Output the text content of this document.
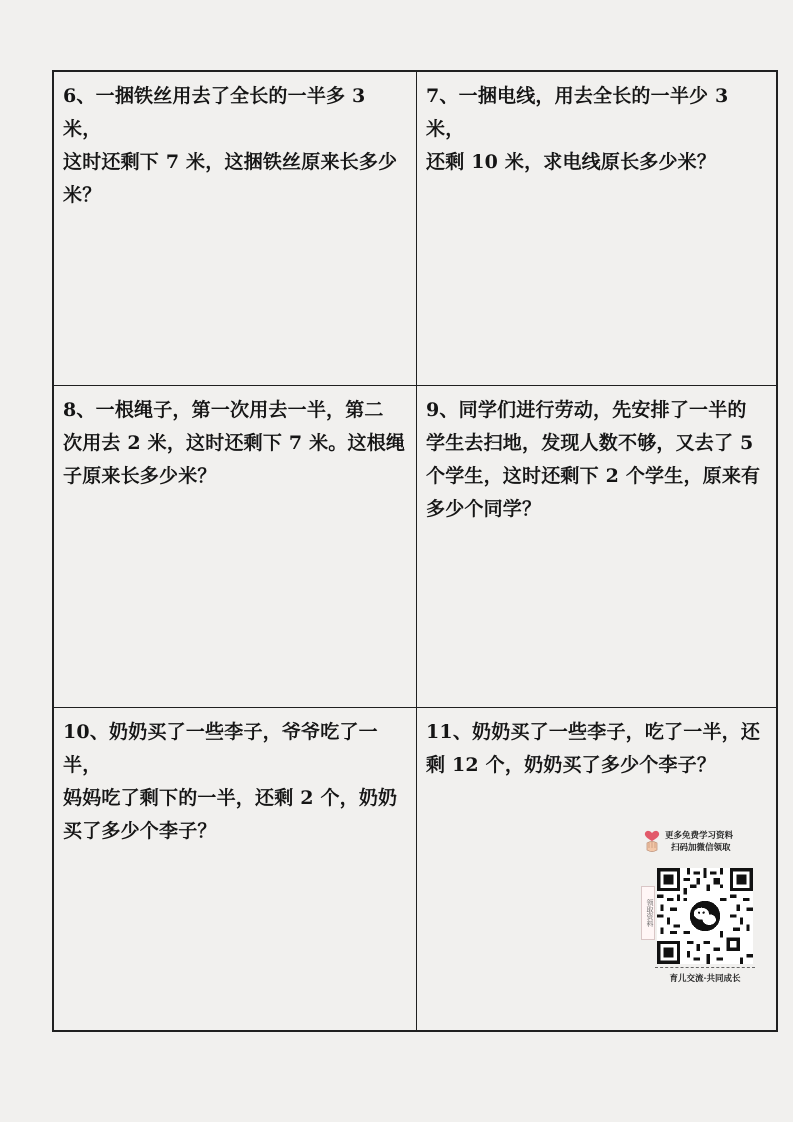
6、一捆铁丝用去了全长的一半多 3 米，
这时还剩下 7 米，这捆铁丝原来长多少
米？

7、一捆电线，用去全长的一半少 3 米，
还剩 10 米，求电线原长多少米？

8、一根绳子，第一次用去一半，第二
次用去 2 米，这时还剩下 7 米。这根绳
子原来长多少米？

9、同学们进行劳动，先安排了一半的
学生去扫地，发现人数不够，又去了 5
个学生，这时还剩下 2 个学生，原来有
多少个同学？

10、奶奶买了一些李子，爷爷吃了一半，
妈妈吃了剩下的一半，还剩 2 个，奶奶
买了多少个李子？

11、奶奶买了一些李子，吃了一半，还
剩 12 个，奶奶买了多少个李子？

更多免费学习资料
扫码加微信领取
领取资料
育儿交流·共同成长
